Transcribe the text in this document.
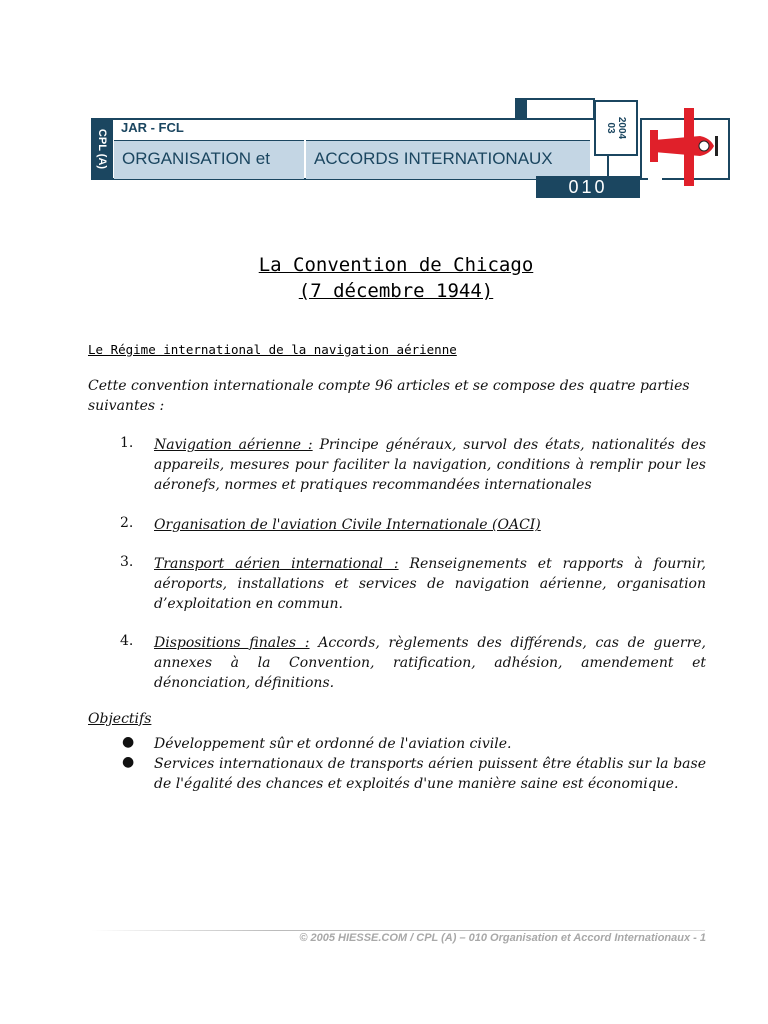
CPL (A)
JAR - FCL
ORGANISATION et	ACCORDS INTERNATIONAUX
2004
03
010
La Convention de Chicago
(7 décembre 1944)
Le Régime international de la navigation aérienne
Cette convention internationale compte 96 articles et se compose des quatre parties suivantes :
1. Navigation aérienne : Principe généraux, survol des états, nationalités des appareils, mesures pour faciliter la navigation, conditions à remplir pour les aéronefs, normes et pratiques recommandées internationales
2. Organisation de l'aviation Civile Internationale (OACI)
3. Transport aérien international : Renseignements et rapports à fournir, aéroports, installations et services de navigation aérienne, organisation d’exploitation en commun.
4. Dispositions finales : Accords, règlements des différends, cas de guerre, annexes à la Convention, ratification, adhésion, amendement et dénonciation, définitions.
Objectifs
● Développement sûr et ordonné de l'aviation civile.
● Services internationaux de transports aérien puissent être établis sur la base de l'égalité des chances et exploités d'une manière saine est économique.
© 2005 HIESSE.COM / CPL (A) – 010 Organisation et Accord Internationaux - 1
